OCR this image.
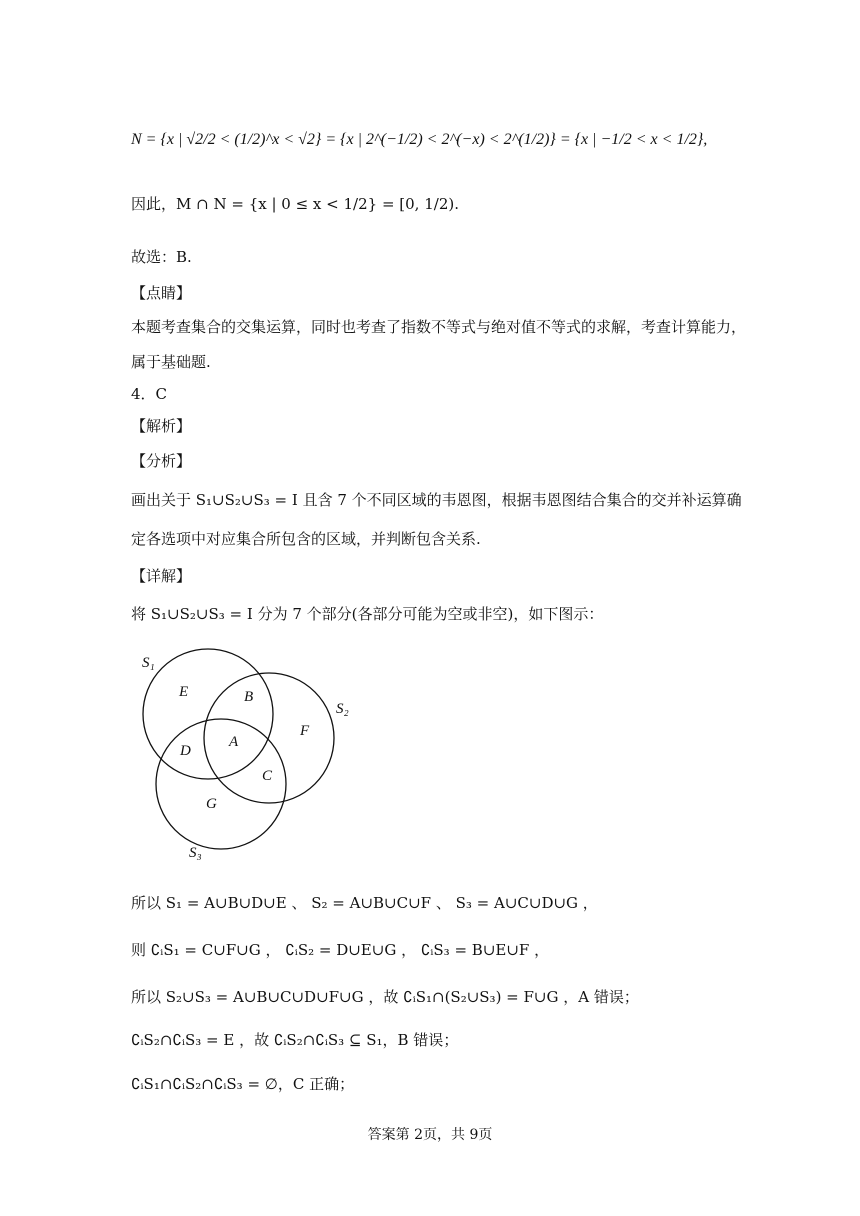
N = {x | √2/2 < (1/2)^x < √2} = {x | 2^(−1/2) < 2^(−x) < 2^(1/2)} = {x | −1/2 < x < 1/2},
因此，M ∩ N = {x | 0 ≤ x < 1/2} = [0, 1/2).
故选：B.
【点睛】
本题考查集合的交集运算，同时也考查了指数不等式与绝对值不等式的求解，考查计算能力，
属于基础题.
4．C
【解析】
【分析】
画出关于 S₁∪S₂∪S₃ = I 且含 7 个不同区域的韦恩图，根据韦恩图结合集合的交并补运算确
定各选项中对应集合所包含的区域，并判断包含关系.
【详解】
将 S₁∪S₂∪S₃ = I 分为 7 个部分(各部分可能为空或非空)，如下图示：
S₁
S₂
S₃
E	B
F
D
A
C
G
所以 S₁ = A∪B∪D∪E 、 S₂ = A∪B∪C∪F 、 S₃ = A∪C∪D∪G ，
则 ∁ᵢS₁ = C∪F∪G ， ∁ᵢS₂ = D∪E∪G ， ∁ᵢS₃ = B∪E∪F ，
所以 S₂∪S₃ = A∪B∪C∪D∪F∪G ，故 ∁ᵢS₁∩(S₂∪S₃) = F∪G ，A 错误；
∁ᵢS₂∩∁ᵢS₃ = E ，故 ∁ᵢS₂∩∁ᵢS₃ ⊆ S₁，B 错误；
∁ᵢS₁∩∁ᵢS₂∩∁ᵢS₃ = ∅，C 正确；
答案第 2页，共 9页
